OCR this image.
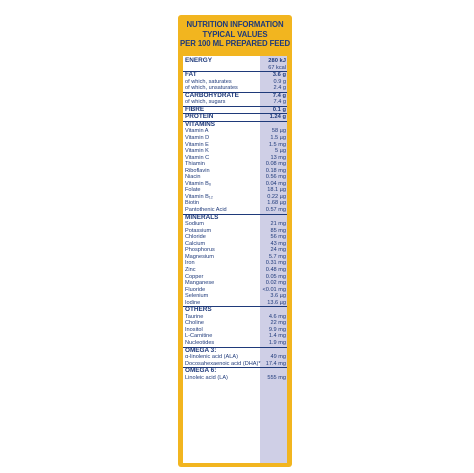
NUTRITION INFORMATION
TYPICAL VALUES
PER 100 ML PREPARED FEED
ENERGY	280 kJ
67 kcal
FAT	3.6 g
of which, saturates	0.9 g
of which, unsaturates	2.4 g
CARBOHYDRATE	7.4 g
of which, sugars	7.4 g
FIBRE	0.1 g
PROTEIN	1.24 g
VITAMINS
Vitamin A	58 µg
Vitamin D	1.5 µg
Vitamin E	1.5 mg
Vitamin K	5 µg
Vitamin C	13 mg
Thiamin	0.08 mg
Riboflavin	0.18 mg
Niacin	0.56 mg
Vitamin B₆	0.04 mg
Folate	18.1 µg
Vitamin B₁₂	0.22 µg
Biotin	1.68 µg
Pantothenic Acid	0.57 mg
MINERALS
Sodium	21 mg
Potassium	85 mg
Chloride	56 mg
Calcium	43 mg
Phosphorus	24 mg
Magnesium	5.7 mg
Iron	0.31 mg
Zinc	0.48 mg
Copper	0.05 mg
Manganese	0.02 mg
Fluoride	<0.01 mg
Selenium	3.6 µg
Iodine	13.6 µg
OTHERS
Taurine	4.6 mg
Choline	22 mg
Inositol	9.9 mg
L-Carnitine	1.4 mg
Nucleotides	1.9 mg
OMEGA 3:
α-linolenic acid (ALA)	49 mg
Docosahexaenoic acid (DHA)* 17.4 mg
OMEGA 6:
Linoleic acid (LA)	555 mg
